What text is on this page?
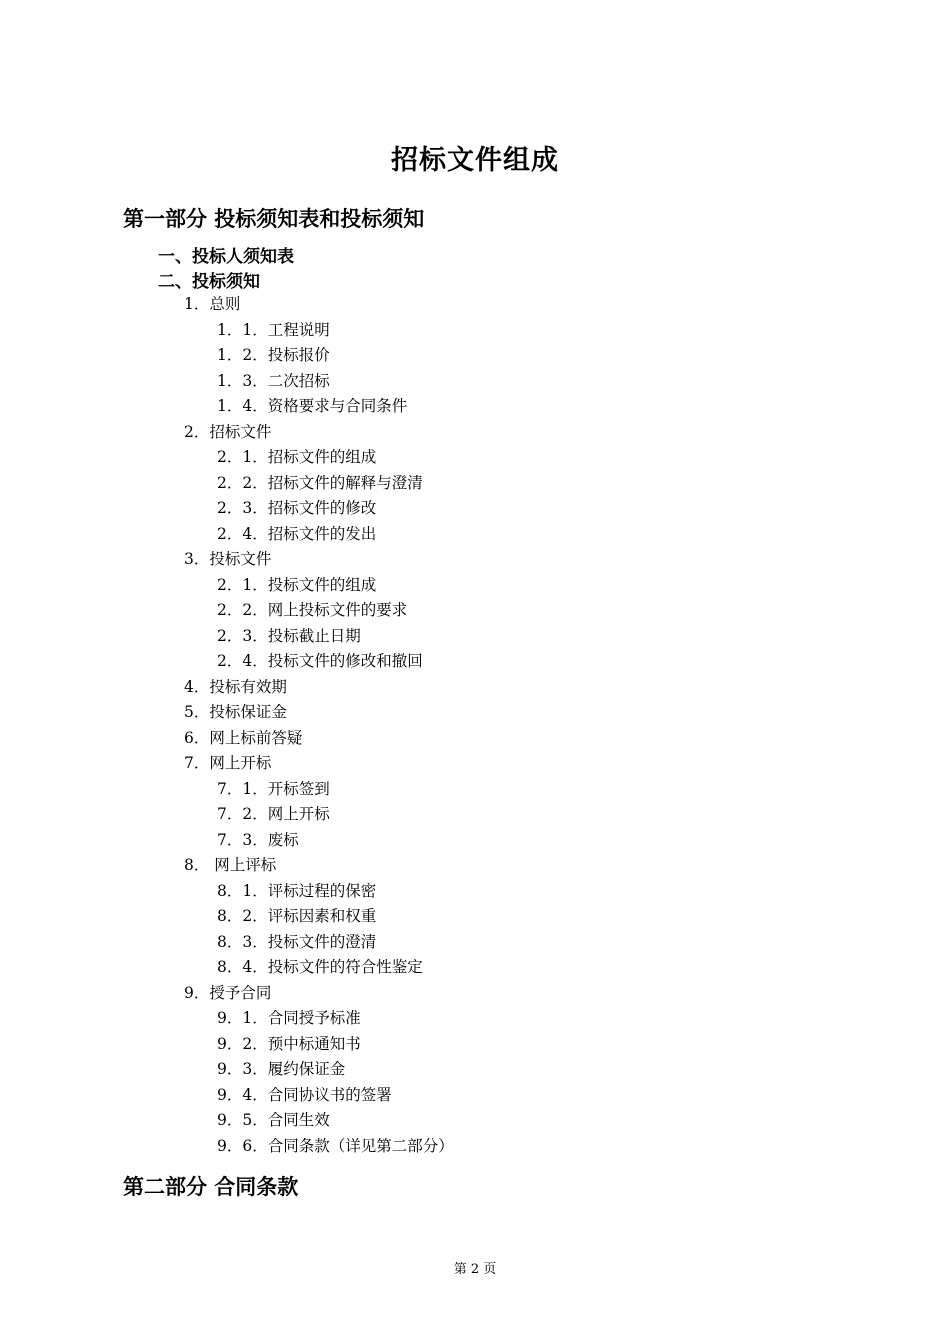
招标文件组成
第一部分 投标须知表和投标须知
一、投标人须知表
二、投标须知
1．总则
1．1．工程说明
1．2．投标报价
1．3．二次招标
1．4．资格要求与合同条件
2．招标文件
2．1．招标文件的组成
2．2．招标文件的解释与澄清
2．3．招标文件的修改
2．4．招标文件的发出
3．投标文件
2．1．投标文件的组成
2．2．网上投标文件的要求
2．3．投标截止日期
2．4．投标文件的修改和撤回
4．投标有效期
5．投标保证金
6．网上标前答疑
7．网上开标
7．1．开标签到
7．2．网上开标
7．3．废标
8． 网上评标
8．1．评标过程的保密
8．2．评标因素和权重
8．3．投标文件的澄清
8．4．投标文件的符合性鉴定
9．授予合同
9．1．合同授予标准
9．2．预中标通知书
9．3．履约保证金
9．4．合同协议书的签署
9．5．合同生效
9．6．合同条款（详见第二部分）
第二部分 合同条款
第 2 页
